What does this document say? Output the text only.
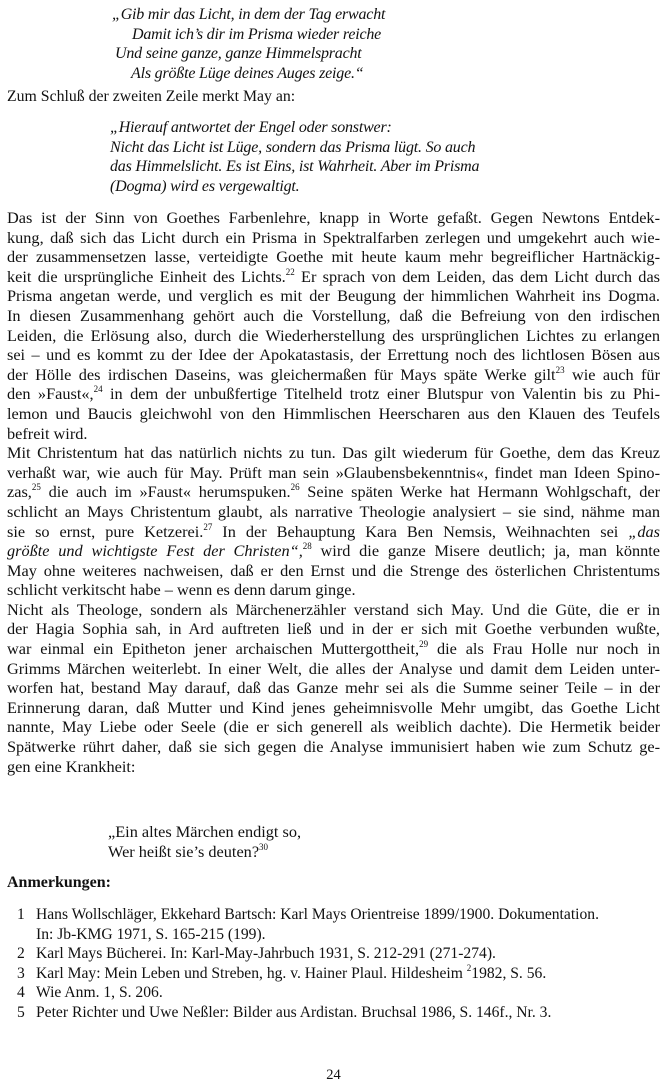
„Gib mir das Licht, in dem der Tag erwacht
Damit ich’s dir im Prisma wieder reiche
Und seine ganze, ganze Himmelspracht
Als größte Lüge deines Auges zeige.“
Zum Schluß der zweiten Zeile merkt May an:
„Hierauf antwortet der Engel oder sonstwer:
Nicht das Licht ist Lüge, sondern das Prisma lügt. So auch
das Himmelslicht. Es ist Eins, ist Wahrheit. Aber im Prisma
(Dogma) wird es vergewaltigt.
Das ist der Sinn von Goethes Farbenlehre, knapp in Worte gefaßt. Gegen Newtons Entdek-
kung, daß sich das Licht durch ein Prisma in Spektralfarben zerlegen und umgekehrt auch wie-
der zusammensetzen lasse, verteidigte Goethe mit heute kaum mehr begreiflicher Hartnäckig-
keit die ursprüngliche Einheit des Lichts.$^{22}$ Er sprach von dem Leiden, das dem Licht durch das
Prisma angetan werde, und verglich es mit der Beugung der himmlichen Wahrheit ins Dogma.
In diesen Zusammenhang gehört auch die Vorstellung, daß die Befreiung von den irdischen
Leiden, die Erlösung also, durch die Wiederherstellung des ursprünglichen Lichtes zu erlangen
sei – und es kommt zu der Idee der Apokatastasis, der Errettung noch des lichtlosen Bösen aus
der Hölle des irdischen Daseins, was gleichermaßen für Mays späte Werke gilt$^{23}$ wie auch für
den »Faust«,$^{24}$ in dem der unbußfertige Titelheld trotz einer Blutspur von Valentin bis zu Phi-
lemon und Baucis gleichwohl von den Himmlischen Heerscharen aus den Klauen des Teufels
befreit wird.
Mit Christentum hat das natürlich nichts zu tun. Das gilt wiederum für Goethe, dem das Kreuz
verhaßt war, wie auch für May. Prüft man sein »Glaubensbekenntnis«, findet man Ideen Spino-
zas,$^{25}$ die auch im »Faust« herumspuken.$^{26}$ Seine späten Werke hat Hermann Wohlgschaft, der
schlicht an Mays Christentum glaubt, als narrative Theologie analysiert – sie sind, nähme man
sie so ernst, pure Ketzerei.$^{27}$ In der Behauptung Kara Ben Nemsis, Weihnachten sei „das
größte und wichtigste Fest der Christen“,$^{28}$ wird die ganze Misere deutlich; ja, man könnte
May ohne weiteres nachweisen, daß er den Ernst und die Strenge des österlichen Christentums
schlicht verkitscht habe – wenn es denn darum ginge.
Nicht als Theologe, sondern als Märchenerzähler verstand sich May. Und die Güte, die er in
der Hagia Sophia sah, in Ard auftreten ließ und in der er sich mit Goethe verbunden wußte,
war einmal ein Epitheton jener archaischen Muttergottheit,$^{29}$ die als Frau Holle nur noch in
Grimms Märchen weiterlebt. In einer Welt, die alles der Analyse und damit dem Leiden unter-
worfen hat, bestand May darauf, daß das Ganze mehr sei als die Summe seiner Teile – in der
Erinnerung daran, daß Mutter und Kind jenes geheimnisvolle Mehr umgibt, das Goethe Licht
nannte, May Liebe oder Seele (die er sich generell als weiblich dachte). Die Hermetik beider
Spätwerke rührt daher, daß sie sich gegen die Analyse immunisiert haben wie zum Schutz ge-
gen eine Krankheit:
„Ein altes Märchen endigt so,
Wer heißt sie’s deuten?$^{30}$
Anmerkungen:
1 Hans Wollschläger, Ekkehard Bartsch: Karl Mays Orientreise 1899/1900. Dokumentation.
In: Jb-KMG 1971, S. 165-215 (199).
2 Karl Mays Bücherei. In: Karl-May-Jahrbuch 1931, S. 212-291 (271-274).
3 Karl May: Mein Leben und Streben, hg. v. Hainer Plaul. Hildesheim $^2$1982, S. 56.
4 Wie Anm. 1, S. 206.
5 Peter Richter und Uwe Neßler: Bilder aus Ardistan. Bruchsal 1986, S. 146f., Nr. 3.
24
